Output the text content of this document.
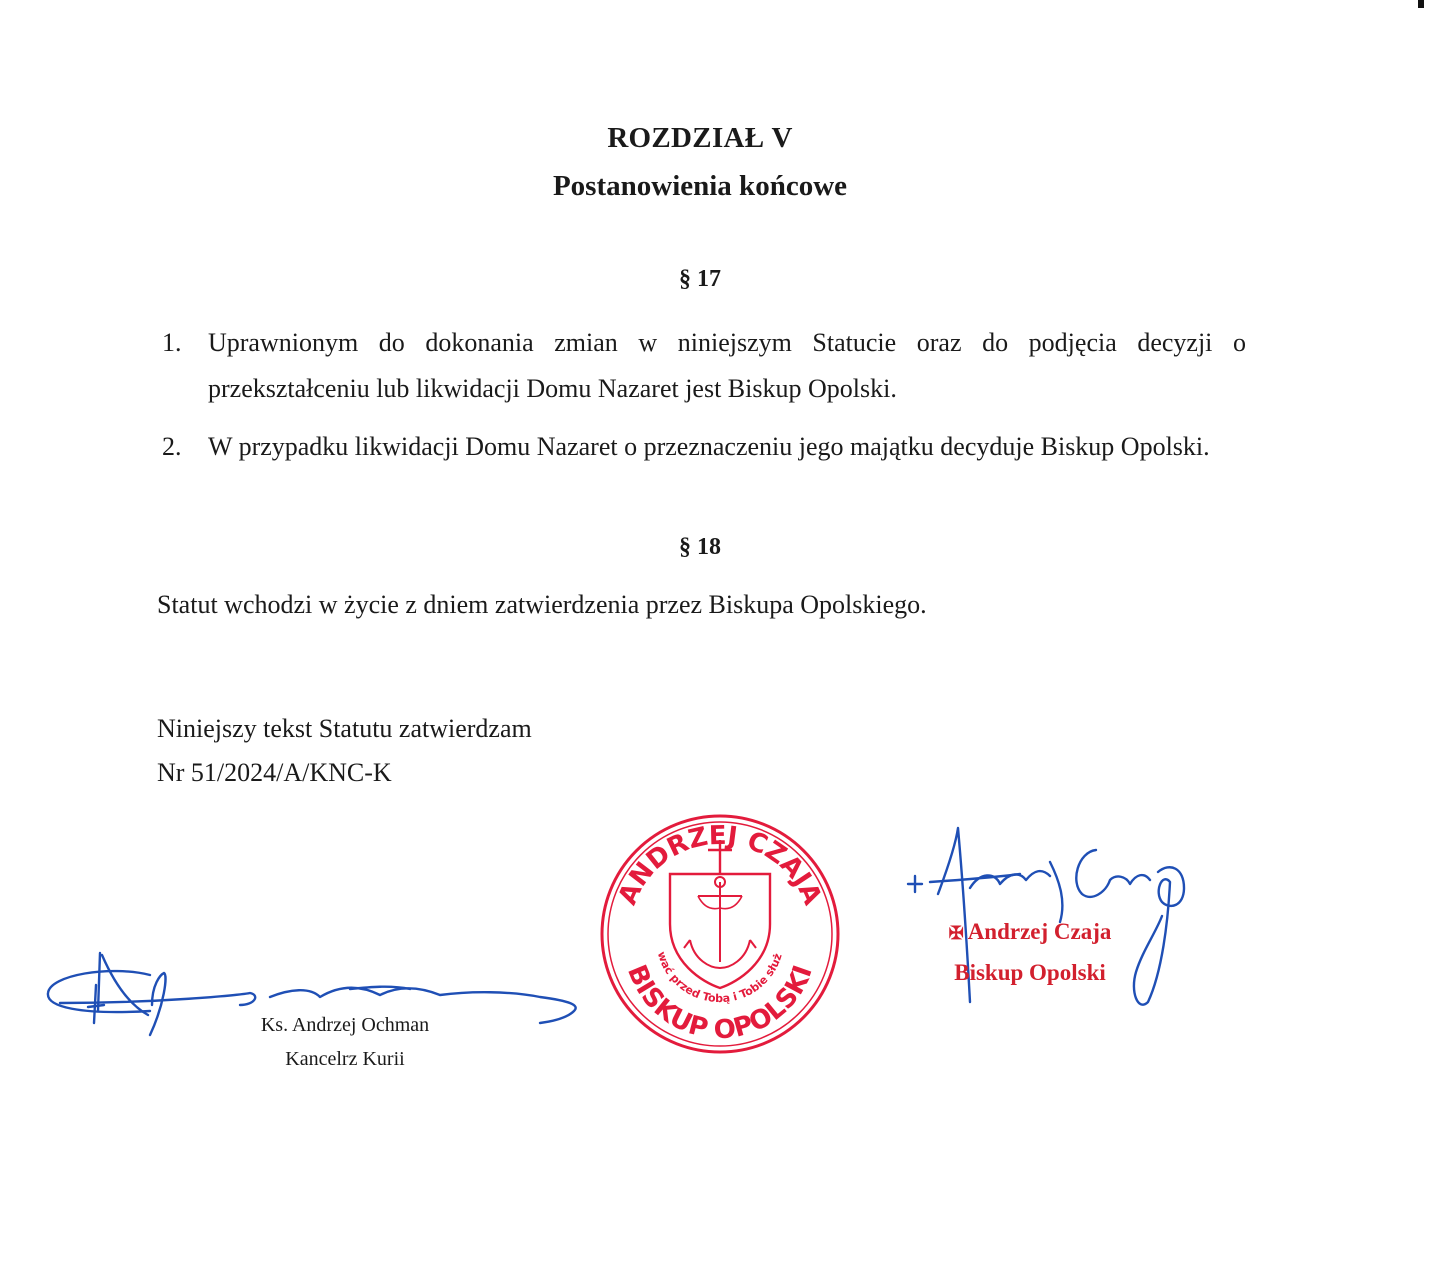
ROZDZIAŁ V
Postanowienia końcowe
§ 17
1. Uprawnionym do dokonania zmian w niniejszym Statucie oraz do podjęcia decyzji o przekształceniu lub likwidacji Domu Nazaret jest Biskup Opolski.
2. W przypadku likwidacji Domu Nazaret o przeznaczeniu jego majątku decyduje Biskup Opolski.
§ 18
Statut wchodzi w życie z dniem zatwierdzenia przez Biskupa Opolskiego.
Niniejszy tekst Statutu zatwierdzam
Nr 51/2024/A/KNC-K
Ks. Andrzej Ochman
Kancelrz Kurii
ANDRZEJ CZAJA
BISKUP OPOLSKI
Trwać przed Tobą i Tobie służyć
✠ Andrzej Czaja
Biskup Opolski
